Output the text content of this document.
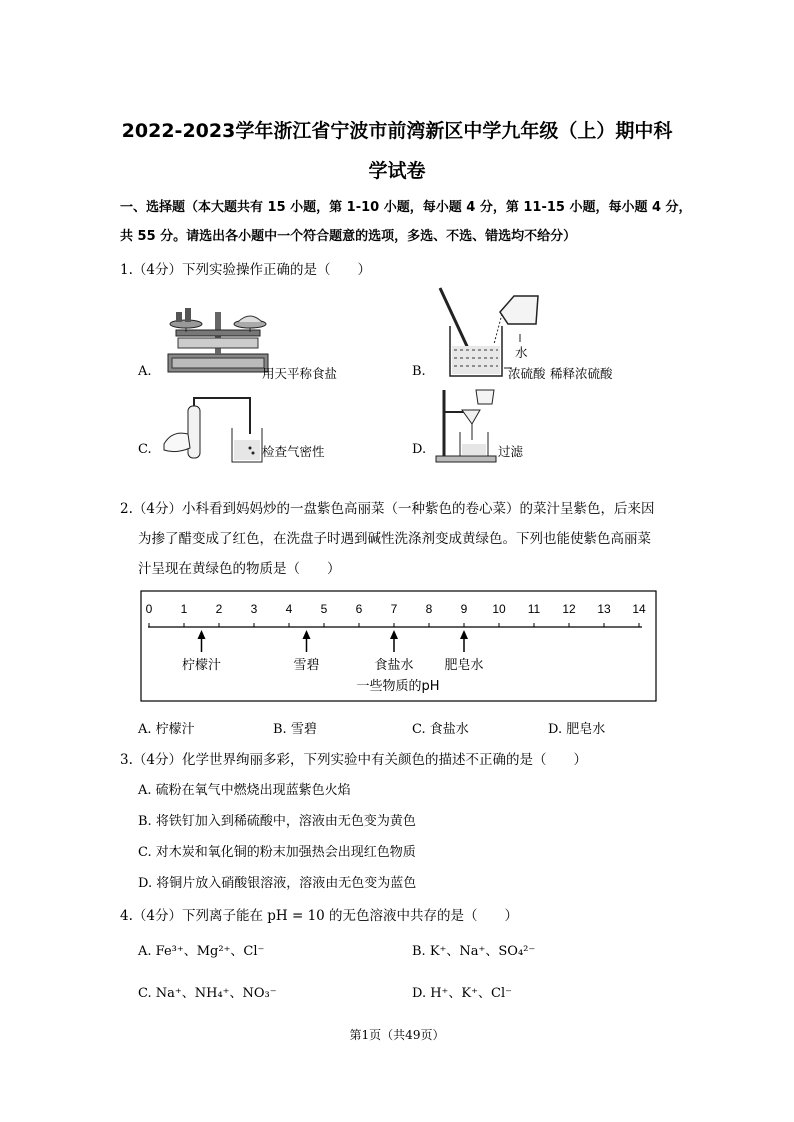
2022-2023学年浙江省宁波市前湾新区中学九年级（上）期中科
学试卷
一、选择题（本大题共有 15 小题，第 1-10 小题，每小题 4 分，第 11-15 小题，每小题 4 分，
共 55 分。请选出各小题中一个符合题意的选项，多选、不选、错选均不给分）
1.（4分）下列实验操作正确的是（　　）
A.	用天平称食盐	B.
水
浓硫酸 稀释浓硫酸
C.	检查气密性	D.	过滤
2.（4分）小科看到妈妈炒的一盘紫色高丽菜（一种紫色的卷心菜）的菜汁呈紫色，后来因
为掺了醋变成了红色，在洗盘子时遇到碱性洗涤剂变成黄绿色。下列也能使紫色高丽菜
汁呈现在黄绿色的物质是（　　）
0 1 2 3 4 5 6 7 8 9 10 11 12 13 14
柠檬汁	雪碧	食盐水 肥皂水
一些物质的pH
A. 柠檬汁	B. 雪碧	C. 食盐水	D. 肥皂水
3.（4分）化学世界绚丽多彩，下列实验中有关颜色的描述不正确的是（　　）
A. 硫粉在氧气中燃烧出现蓝紫色火焰
B. 将铁钉加入到稀硫酸中，溶液由无色变为黄色
C. 对木炭和氧化铜的粉末加强热会出现红色物质
D. 将铜片放入硝酸银溶液，溶液由无色变为蓝色
4.（4分）下列离子能在 pH = 10 的无色溶液中共存的是（　　）
A. Fe³⁺、Mg²⁺、Cl⁻	B. K⁺、Na⁺、SO₄²⁻
C. Na⁺、NH₄⁺、NO₃⁻	D. H⁺、K⁺、Cl⁻
第1页（共49页）
